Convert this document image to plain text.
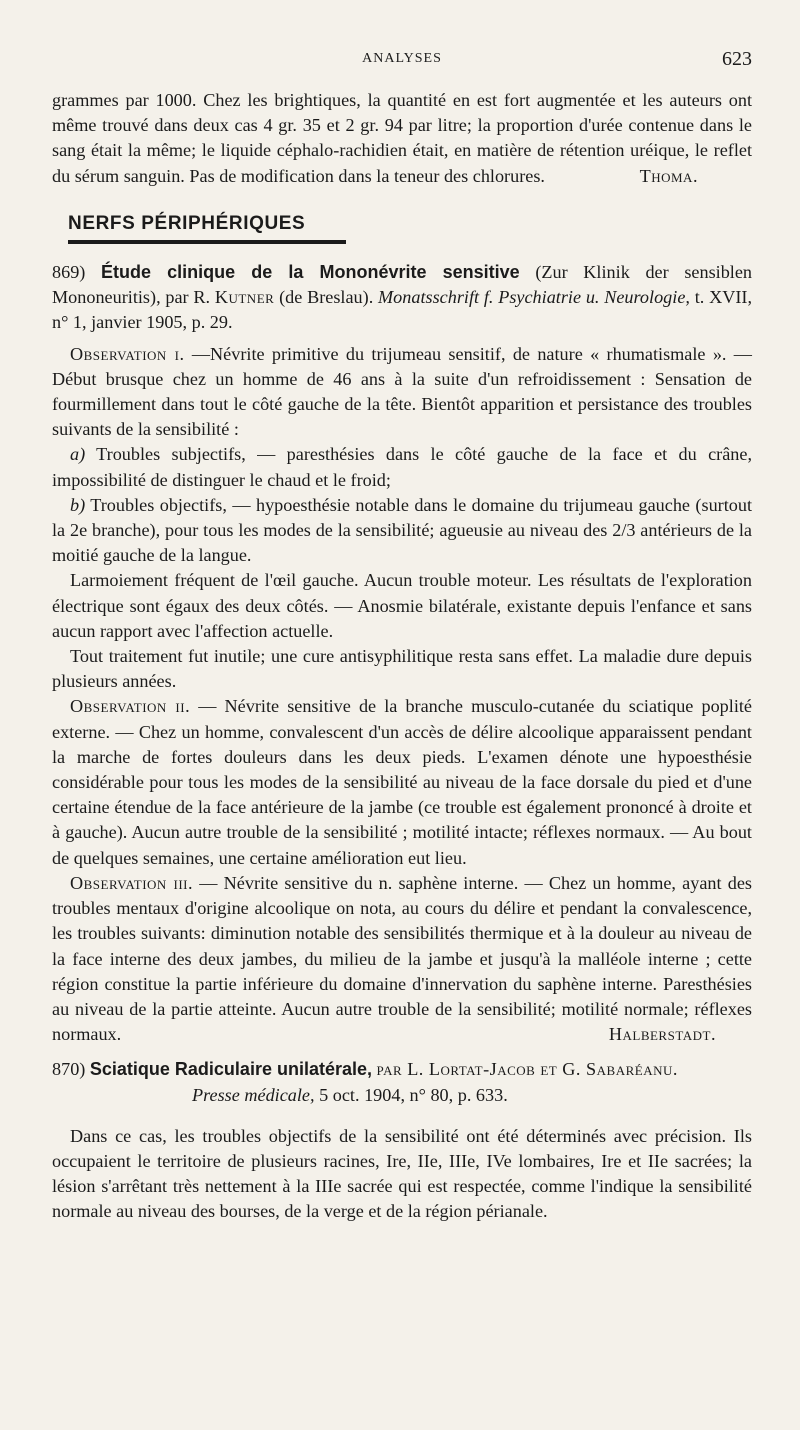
ANALYSES	623

grammes par 1000. Chez les brightiques, la quantité en est fort augmentée et les auteurs ont même trouvé dans deux cas 4 gr. 35 et 2 gr. 94 par litre; la proportion d'urée contenue dans le sang était la même; le liquide céphalo-rachidien était, en matière de rétention uréique, le reflet du sérum sanguin. Pas de modification dans la teneur des chlorures.	Thoma.

NERFS PÉRIPHÉRIQUES

869) Étude clinique de la Mononévrite sensitive (Zur Klinik der sensiblen Mononeuritis), par R. Kutner (de Breslau). Monatsschrift f. Psychiatrie u. Neurologie, t. XVII, n° 1, janvier 1905, p. 29.

Observation i. —Névrite primitive du trijumeau sensitif, de nature « rhumatismale ». — Début brusque chez un homme de 46 ans à la suite d'un refroidissement : Sensation de fourmillement dans tout le côté gauche de la tête. Bientôt apparition et persistance des troubles suivants de la sensibilité :

a) Troubles subjectifs, — paresthésies dans le côté gauche de la face et du crâne, impossibilité de distinguer le chaud et le froid;

b) Troubles objectifs, — hypoesthésie notable dans le domaine du trijumeau gauche (surtout la 2e branche), pour tous les modes de la sensibilité; agueusie au niveau des 2/3 antérieurs de la moitié gauche de la langue.

Larmoiement fréquent de l'œil gauche. Aucun trouble moteur. Les résultats de l'exploration électrique sont égaux des deux côtés. — Anosmie bilatérale, existante depuis l'enfance et sans aucun rapport avec l'affection actuelle.

Tout traitement fut inutile; une cure antisyphilitique resta sans effet. La maladie dure depuis plusieurs années.

Observation ii. — Névrite sensitive de la branche musculo-cutanée du sciatique poplité externe. — Chez un homme, convalescent d'un accès de délire alcoolique apparaissent pendant la marche de fortes douleurs dans les deux pieds. L'examen dénote une hypoesthésie considérable pour tous les modes de la sensibilité au niveau de la face dorsale du pied et d'une certaine étendue de la face antérieure de la jambe (ce trouble est également prononcé à droite et à gauche). Aucun autre trouble de la sensibilité ; motilité intacte; réflexes normaux. — Au bout de quelques semaines, une certaine amélioration eut lieu.

Observation iii. — Névrite sensitive du n. saphène interne. — Chez un homme, ayant des troubles mentaux d'origine alcoolique on nota, au cours du délire et pendant la convalescence, les troubles suivants: diminution notable des sensibilités thermique et à la douleur au niveau de la face interne des deux jambes, du milieu de la jambe et jusqu'à la malléole interne ; cette région constitue la partie inférieure du domaine d'innervation du saphène interne. Paresthésies au niveau de la partie atteinte. Aucun autre trouble de la sensibilité; motilité normale; réflexes normaux.	Halberstadt.

870) Sciatique Radiculaire unilatérale, par L. Lortat-Jacob et G. Sabaréanu.

Presse médicale, 5 oct. 1904, n° 80, p. 633.

Dans ce cas, les troubles objectifs de la sensibilité ont été déterminés avec précision. Ils occupaient le territoire de plusieurs racines, Ire, IIe, IIIe, IVe lombaires, Ire et IIe sacrées; la lésion s'arrêtant très nettement à la IIIe sacrée qui est respectée, comme l'indique la sensibilité normale au niveau des bourses, de la verge et de la région périanale.
